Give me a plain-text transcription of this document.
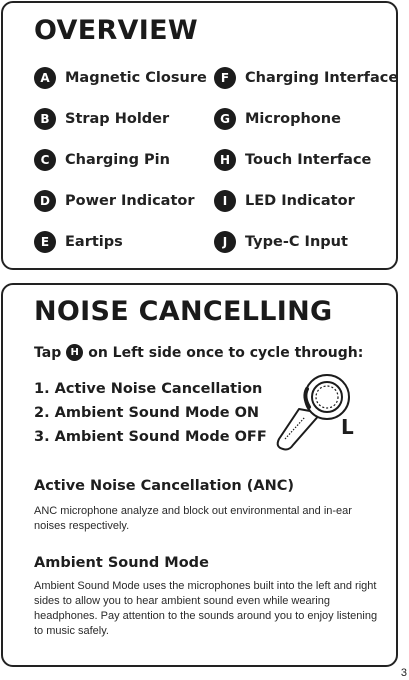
OVERVIEW
A	Magnetic Closure
B	Strap Holder
C	Charging Pin
D	Power Indicator
E	Eartips
F	Charging Interface
G	Microphone
H	Touch Interface
I	LED Indicator
J	Type-C Input
NOISE CANCELLING
Tap H on Left side once to cycle through:
1. Active Noise Cancellation
2. Ambient Sound Mode ON
3. Ambient Sound Mode OFF	L
Active Noise Cancellation (ANC)

ANC microphone analyze and block out environmental and in-ear noises respectively.

Ambient Sound Mode

Ambient Sound Mode uses the microphones built into the left and right sides to allow you to hear ambient sound even while wearing headphones. Pay attention to the sounds around you to enjoy listening to music safely.

3
